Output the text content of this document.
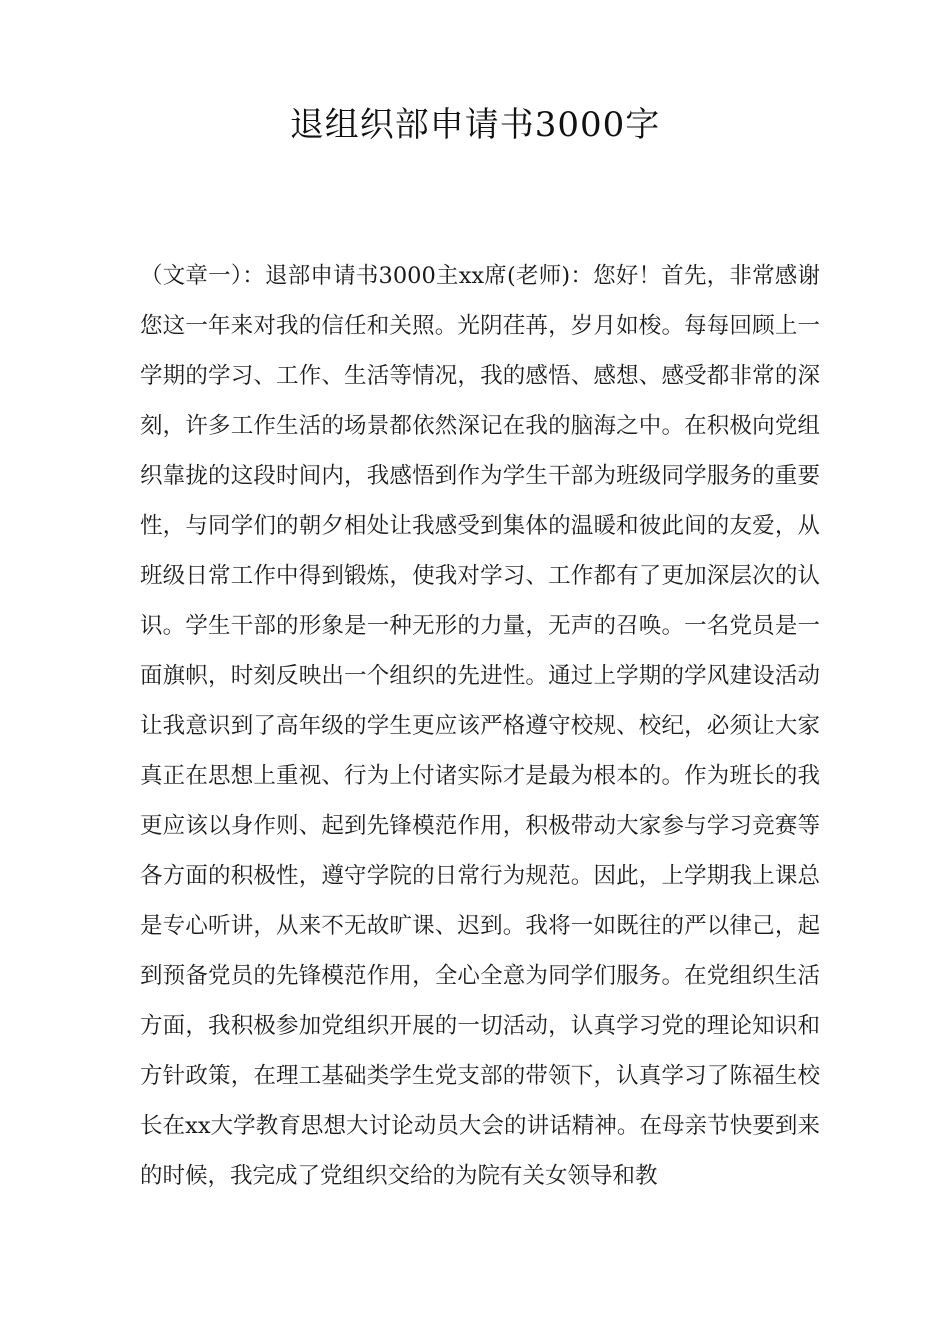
退组织部申请书3000字
（文章一）：退部申请书3000主xx席(老师)：您好！首先，非常感谢
您这一年来对我的信任和关照。光阴荏苒，岁月如梭。每每回顾上一
学期的学习、工作、生活等情况，我的感悟、感想、感受都非常的深
刻，许多工作生活的场景都依然深记在我的脑海之中。在积极向党组
织靠拢的这段时间内，我感悟到作为学生干部为班级同学服务的重要
性，与同学们的朝夕相处让我感受到集体的温暖和彼此间的友爱，从
班级日常工作中得到锻炼，使我对学习、工作都有了更加深层次的认
识。学生干部的形象是一种无形的力量，无声的召唤。一名党员是一
面旗帜，时刻反映出一个组织的先进性。通过上学期的学风建设活动
让我意识到了高年级的学生更应该严格遵守校规、校纪，必须让大家
真正在思想上重视、行为上付诸实际才是最为根本的。作为班长的我
更应该以身作则、起到先锋模范作用，积极带动大家参与学习竞赛等
各方面的积极性，遵守学院的日常行为规范。因此，上学期我上课总
是专心听讲，从来不无故旷课、迟到。我将一如既往的严以律己，起
到预备党员的先锋模范作用，全心全意为同学们服务。在党组织生活
方面，我积极参加党组织开展的一切活动，认真学习党的理论知识和
方针政策，在理工基础类学生党支部的带领下，认真学习了陈福生校
长在xx大学教育思想大讨论动员大会的讲话精神。在母亲节快要到来
的时候，我完成了党组织交给的为院有关女领导和教
